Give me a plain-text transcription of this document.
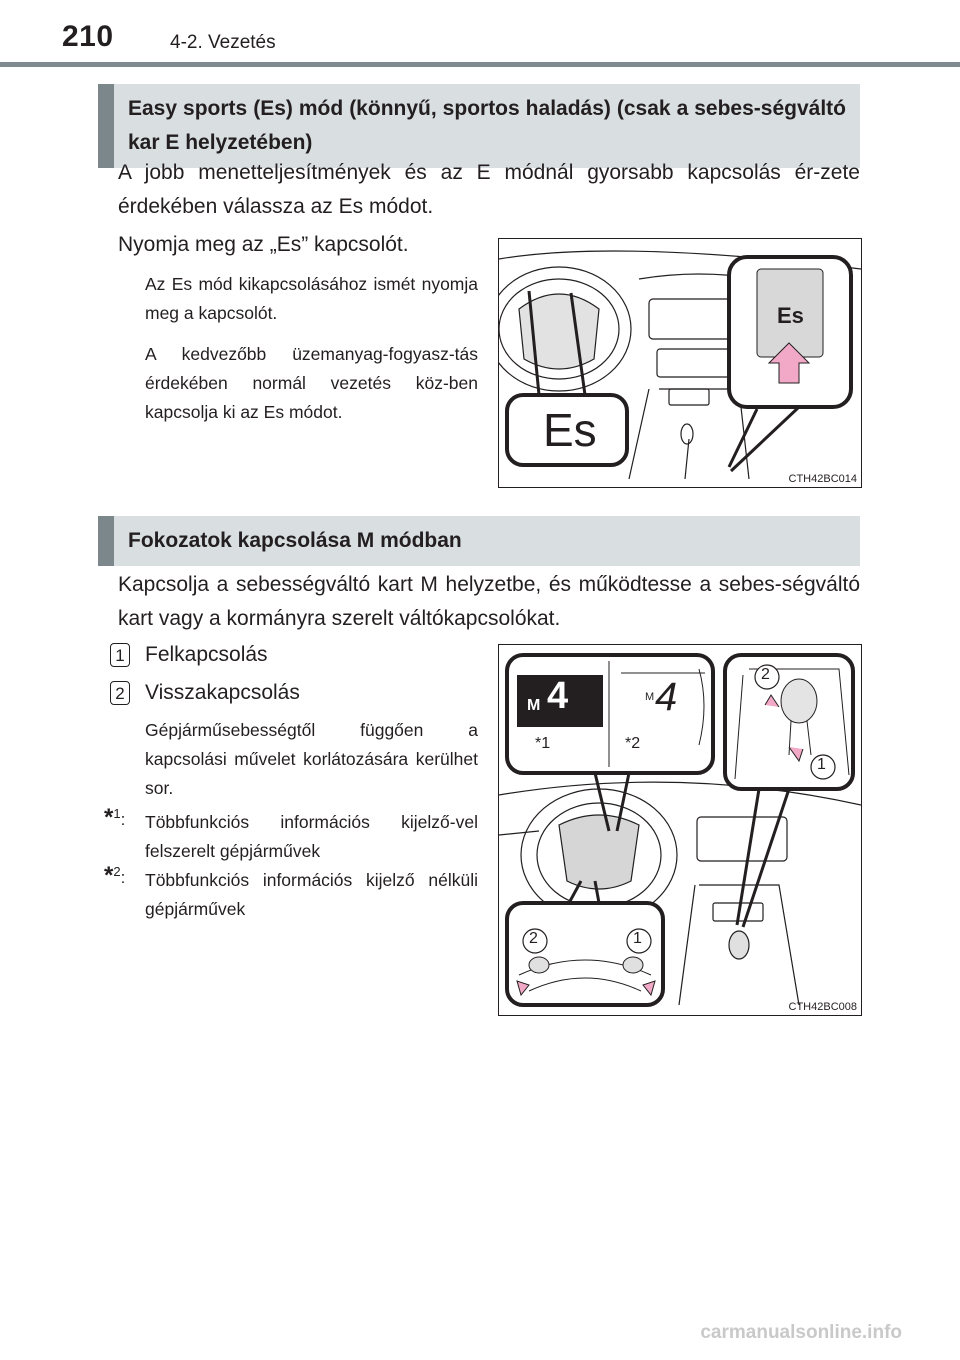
210	4-2. Vezetés
Easy sports (Es) mód (könnyű, sportos haladás) (csak a sebes-ségváltó kar E helyzetében)
A jobb menetteljesítmények és az E módnál gyorsabb kapcsolás ér-zete érdekében válassza az Es módot.
Nyomja meg az „Es” kapcsolót.
Az Es mód kikapcsolásához ismét nyomja meg a kapcsolót.
A kedvezőbb üzemanyag-fogyasz-tás érdekében normál vezetés köz-ben kapcsolja ki az Es módot.
Es
Es
CTH42BC014
Fokozatok kapcsolása M módban
Kapcsolja a sebességváltó kart M helyzetbe, és működtesse a sebes-ségváltó kart vagy a kormányra szerelt váltókapcsolókat.
1 Felkapcsolás
2 Visszakapcsolás
Gépjárműsebességtől függően a kapcsolási művelet korlátozására kerülhet sor.
*$^1$: Többfunkciós információs kijelző-vel felszerelt gépjárművek
*$^2$: Többfunkciós információs kijelző nélküli gépjárművek
M 4	M 4
*1	*2
2
1
2	1
CTH42BC008
carmanualsonline.info
